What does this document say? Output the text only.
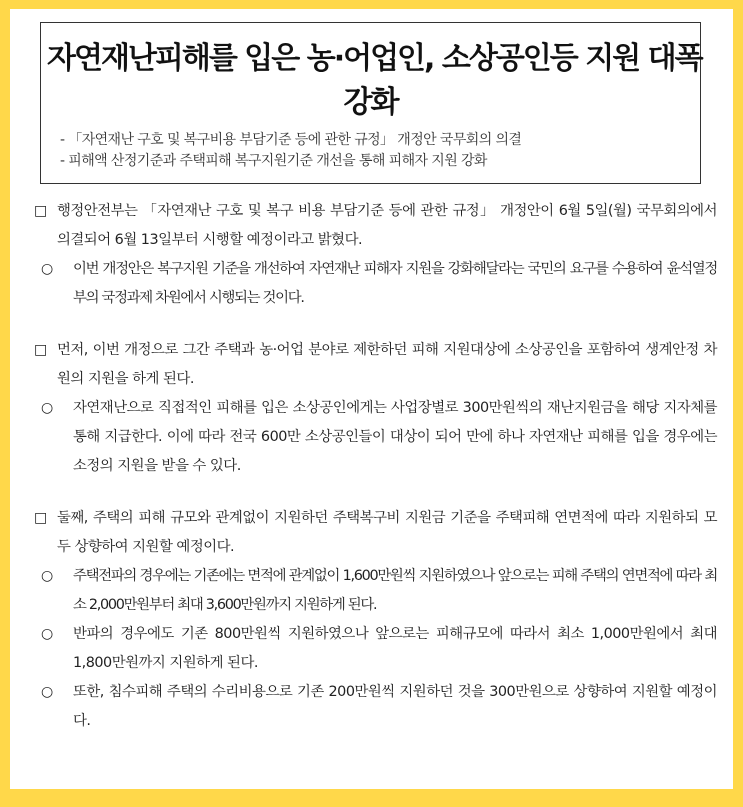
자연재난피해를 입은 농·어업인, 소상공인등 지원 대폭
강화
- 「자연재난 구호 및 복구비용 부담기준 등에 관한 규정」 개정안 국무회의 의결
- 피해액 산정기준과 주택피해 복구지원기준 개선을 통해 피해자 지원 강화
□ 행정안전부는 「자연재난 구호 및 복구 비용 부담기준 등에 관한 규정」 개정안이 6월 5일(월) 국무회의에서 의결되어 6월 13일부터 시행할 예정이라고 밝혔다.
○ 이번 개정안은 복구지원 기준을 개선하여 자연재난 피해자 지원을 강화해달라는 국민의 요구를 수용하여 윤석열정부의 국정과제 차원에서 시행되는 것이다.
□ 먼저, 이번 개정으로 그간 주택과 농·어업 분야로 제한하던 피해 지원대상에 소상공인을 포함하여 생계안정 차원의 지원을 하게 된다.
○ 자연재난으로 직접적인 피해를 입은 소상공인에게는 사업장별로 300만원씩의 재난지원금을 해당 지자체를 통해 지급한다. 이에 따라 전국 600만 소상공인들이 대상이 되어 만에 하나 자연재난 피해를 입을 경우에는 소정의 지원을 받을 수 있다.
□ 둘째, 주택의 피해 규모와 관계없이 지원하던 주택복구비 지원금 기준을 주택피해 연면적에 따라 지원하되 모두 상향하여 지원할 예정이다.
○ 주택전파의 경우에는 기존에는 면적에 관계없이 1,600만원씩 지원하였으나 앞으로는 피해 주택의 연면적에 따라 최소 2,000만원부터 최대 3,600만원까지 지원하게 된다.
○ 반파의 경우에도 기존 800만원씩 지원하였으나 앞으로는 피해규모에 따라서 최소 1,000만원에서 최대 1,800만원까지 지원하게 된다.
○ 또한, 침수피해 주택의 수리비용으로 기존 200만원씩 지원하던 것을 300만원으로 상향하여 지원할 예정이다.
